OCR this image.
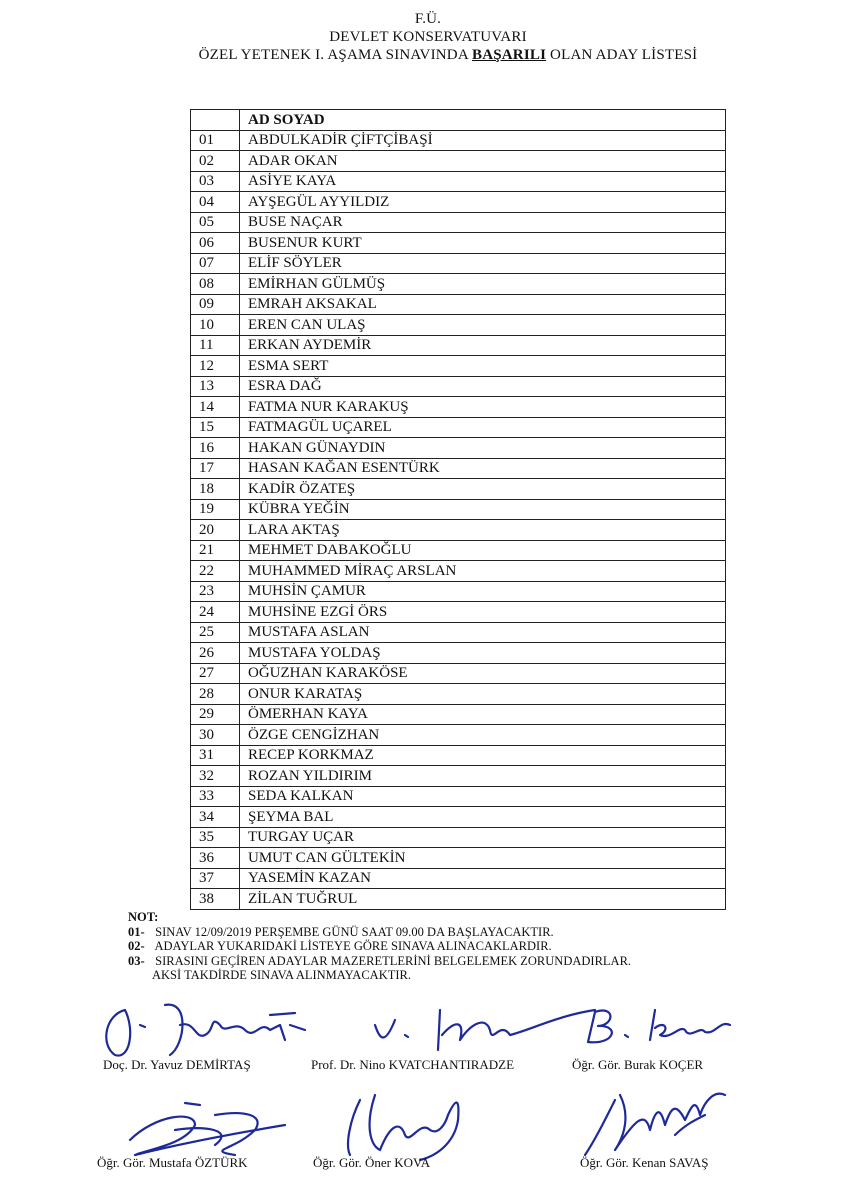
F.Ü.
DEVLET KONSERVATUVARI
ÖZEL YETENEK I. AŞAMA SINAVINDA BAŞARILI OLAN ADAY LİSTESİ
	AD SOYAD
01	ABDULKADİR ÇİFTÇİBAŞİ
02	ADAR OKAN
03	ASİYE KAYA
04	AYŞEGÜL AYYILDIZ
05	BUSE NAÇAR
06	BUSENUR KURT
07	ELİF SÖYLER
08	EMİRHAN GÜLMÜŞ
09	EMRAH AKSAKAL
10	EREN CAN ULAŞ
11	ERKAN AYDEMİR
12	ESMA SERT
13	ESRA DAĞ
14	FATMA NUR KARAKUŞ
15	FATMAGÜL UÇAREL
16	HAKAN GÜNAYDIN
17	HASAN KAĞAN ESENTÜRK
18	KADİR ÖZATEŞ
19	KÜBRA YEĞİN
20	LARA AKTAŞ
21	MEHMET DABAKOĞLU
22	MUHAMMED MİRAÇ ARSLAN
23	MUHSİN ÇAMUR
24	MUHSİNE EZGİ ÖRS
25	MUSTAFA ASLAN
26	MUSTAFA YOLDAŞ
27	OĞUZHAN KARAKÖSE
28	ONUR KARATAŞ
29	ÖMERHAN KAYA
30	ÖZGE CENGİZHAN
31	RECEP KORKMAZ
32	ROZAN YILDIRIM
33	SEDA KALKAN
34	ŞEYMA BAL
35	TURGAY UÇAR
36	UMUT CAN GÜLTEKİN
37	YASEMİN KAZAN
38	ZİLAN TUĞRUL
NOT:
01- SINAV 12/09/2019 PERŞEMBE GÜNÜ SAAT 09.00 DA BAŞLAYACAKTIR.
02- ADAYLAR YUKARIDAKİ LİSTEYE GÖRE SINAVA ALINACAKLARDIR.
03- SIRASINI GEÇİREN ADAYLAR MAZERETLERİNİ BELGELEMEK ZORUNDADIRLAR.
AKSİ TAKDİRDE SINAVA ALINMAYACAKTIR.
Doç. Dr. Yavuz DEMİRTAŞ	Prof. Dr. Nino KVATCHANTIRADZE	Öğr. Gör. Burak KOÇER
Öğr. Gör. Mustafa ÖZTÜRK	Öğr. Gör. Öner KOVA	Öğr. Gör. Kenan SAVAŞ
